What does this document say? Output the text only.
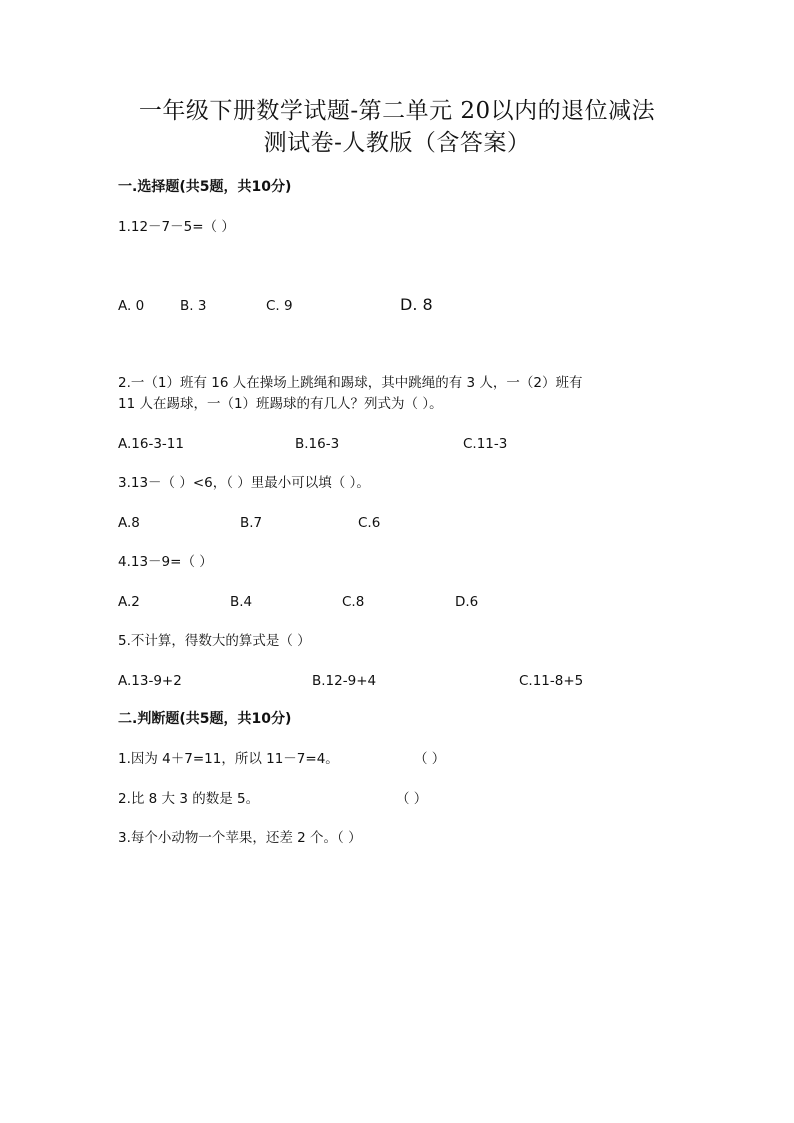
一年级下册数学试题-第二单元 20以内的退位减法
测试卷-人教版（含答案）
一.选择题(共5题，共10分)
1.12－7－5=（ ）
A. 0	B. 3	C. 9	D. 8
2.一（1）班有 16 人在操场上跳绳和踢球，其中跳绳的有 3 人，一（2）班有
11 人在踢球，一（1）班踢球的有几人？列式为（ ）。
A.16-3-11	B.16-3	C.11-3
3.13－（ ）<6，（ ）里最小可以填（ ）。
A.8	B.7	C.6
4.13－9=（ ）
A.2	B.4	C.8	D.6
5.不计算，得数大的算式是（ ）
A.13-9+2	B.12-9+4	C.11-8+5
二.判断题(共5题，共10分)
1.因为 4＋7=11，所以 11－7=4。	（ ）
2.比 8 大 3 的数是 5。	（ ）
3.每个小动物一个苹果，还差 2 个。（ ）
